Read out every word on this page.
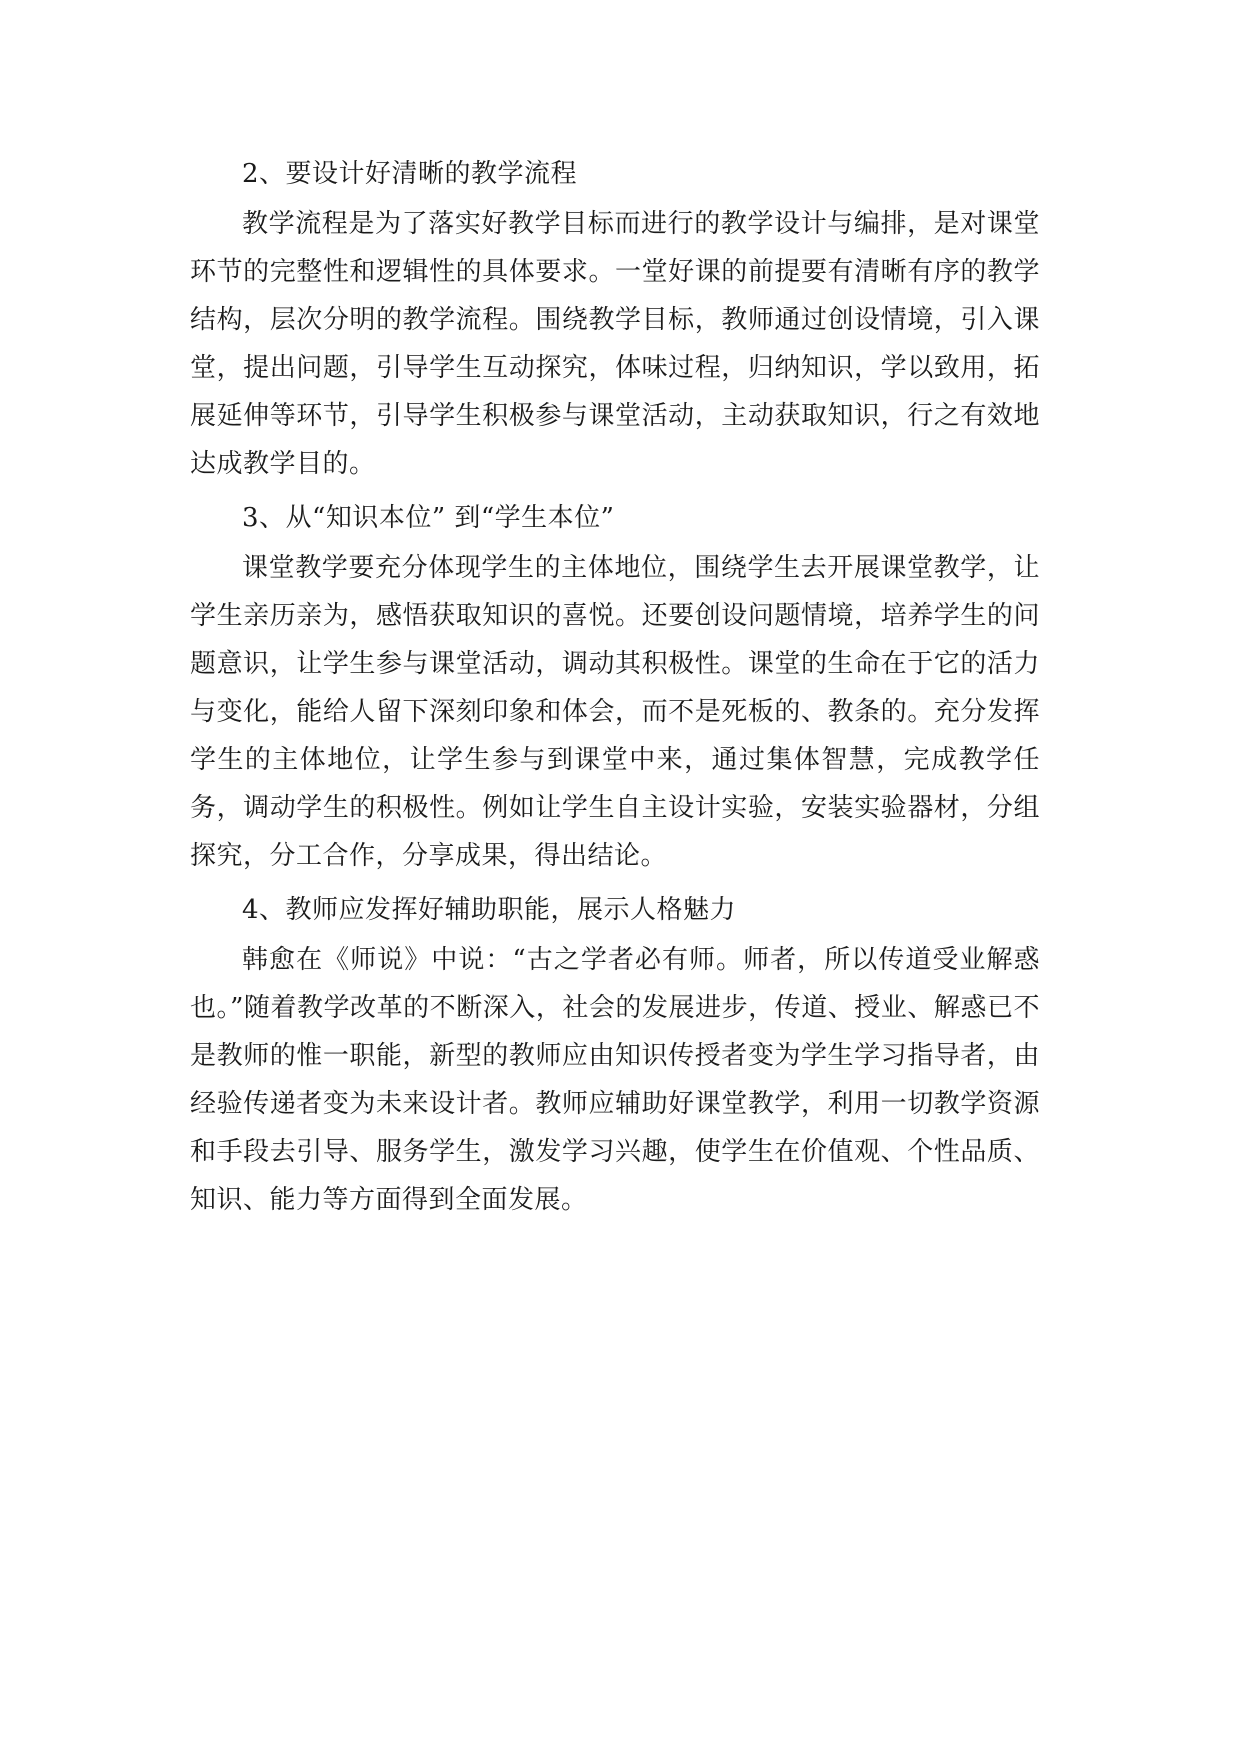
2、要设计好清晰的教学流程

教学流程是为了落实好教学目标而进行的教学设计与编排，是对课堂环节的完整性和逻辑性的具体要求。一堂好课的前提要有清晰有序的教学结构，层次分明的教学流程。围绕教学目标，教师通过创设情境，引入课堂，提出问题，引导学生互动探究，体味过程，归纳知识，学以致用，拓展延伸等环节，引导学生积极参与课堂活动，主动获取知识，行之有效地达成教学目的。

3、从“知识本位” 到“学生本位”

课堂教学要充分体现学生的主体地位，围绕学生去开展课堂教学，让学生亲历亲为，感悟获取知识的喜悦。还要创设问题情境，培养学生的问题意识，让学生参与课堂活动，调动其积极性。课堂的生命在于它的活力与变化，能给人留下深刻印象和体会，而不是死板的、教条的。充分发挥学生的主体地位，让学生参与到课堂中来，通过集体智慧，完成教学任务，调动学生的积极性。例如让学生自主设计实验，安装实验器材，分组探究，分工合作，分享成果，得出结论。

4、教师应发挥好辅助职能，展示人格魅力

韩愈在《师说》中说：“古之学者必有师。师者，所以传道受业解惑也。”随着教学改革的不断深入，社会的发展进步，传道、授业、解惑已不是教师的惟一职能，新型的教师应由知识传授者变为学生学习指导者，由经验传递者变为未来设计者。教师应辅助好课堂教学，利用一切教学资源和手段去引导、服务学生，激发学习兴趣，使学生在价值观、个性品质、知识、能力等方面得到全面发展。
